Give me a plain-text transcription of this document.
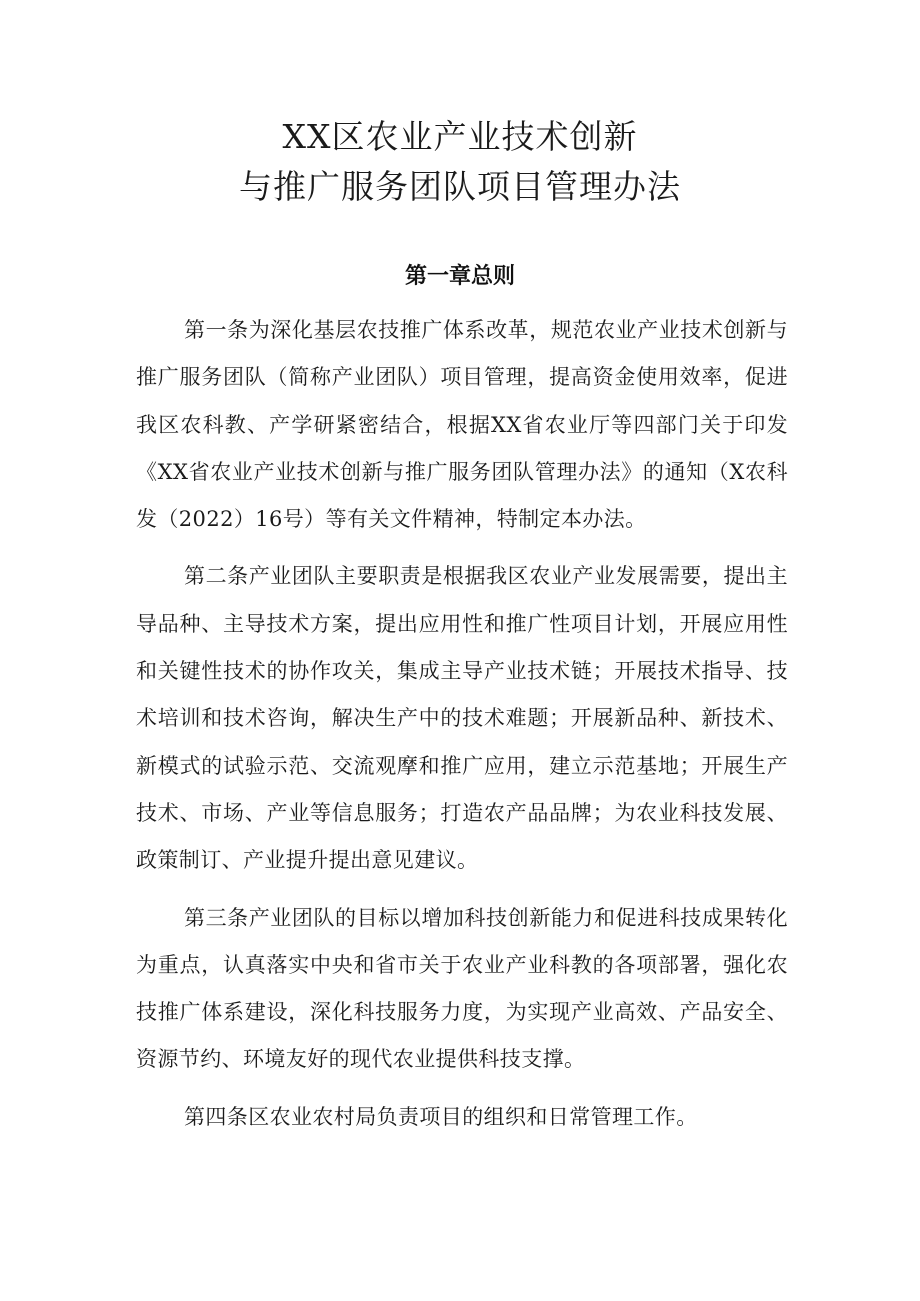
XX区农业产业技术创新
与推广服务团队项目管理办法
第一章总则

第一条为深化基层农技推广体系改革，规范农业产业技术创新与推广服务团队（简称产业团队）项目管理，提高资金使用效率，促进我区农科教、产学研紧密结合，根据XX省农业厅等四部门关于印发《XX省农业产业技术创新与推广服务团队管理办法》的通知（X农科发（2022）16号）等有关文件精神，特制定本办法。

第二条产业团队主要职责是根据我区农业产业发展需要，提出主导品种、主导技术方案，提出应用性和推广性项目计划，开展应用性和关键性技术的协作攻关，集成主导产业技术链；开展技术指导、技术培训和技术咨询，解决生产中的技术难题；开展新品种、新技术、新模式的试验示范、交流观摩和推广应用，建立示范基地；开展生产技术、市场、产业等信息服务；打造农产品品牌；为农业科技发展、政策制订、产业提升提出意见建议。

第三条产业团队的目标以增加科技创新能力和促进科技成果转化为重点，认真落实中央和省市关于农业产业科教的各项部署，强化农技推广体系建设，深化科技服务力度，为实现产业高效、产品安全、资源节约、环境友好的现代农业提供科技支撑。

第四条区农业农村局负责项目的组织和日常管理工作。
